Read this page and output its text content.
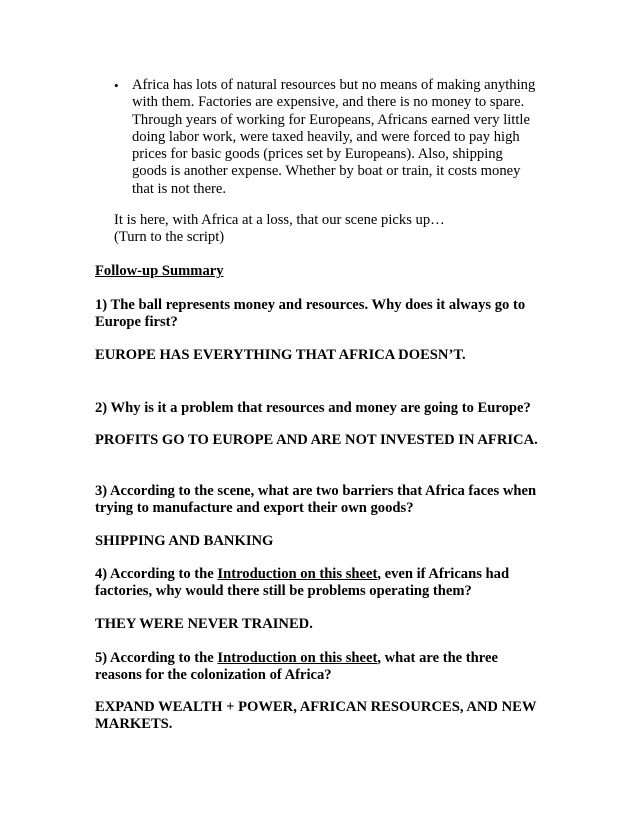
• Africa has lots of natural resources but no means of making anything
with them. Factories are expensive, and there is no money to spare.
Through years of working for Europeans, Africans earned very little
doing labor work, were taxed heavily, and were forced to pay high
prices for basic goods (prices set by Europeans). Also, shipping
goods is another expense. Whether by boat or train, it costs money
that is not there.
It is here, with Africa at a loss, that our scene picks up…
(Turn to the script)
Follow-up Summary
1) The ball represents money and resources. Why does it always go to
Europe first?
EUROPE HAS EVERYTHING THAT AFRICA DOESN’T.
2) Why is it a problem that resources and money are going to Europe?
PROFITS GO TO EUROPE AND ARE NOT INVESTED IN AFRICA.
3) According to the scene, what are two barriers that Africa faces when
trying to manufacture and export their own goods?
SHIPPING AND BANKING
4) According to the Introduction on this sheet, even if Africans had
factories, why would there still be problems operating them?
THEY WERE NEVER TRAINED.
5) According to the Introduction on this sheet, what are the three
reasons for the colonization of Africa?
EXPAND WEALTH + POWER, AFRICAN RESOURCES, AND NEW
MARKETS.
